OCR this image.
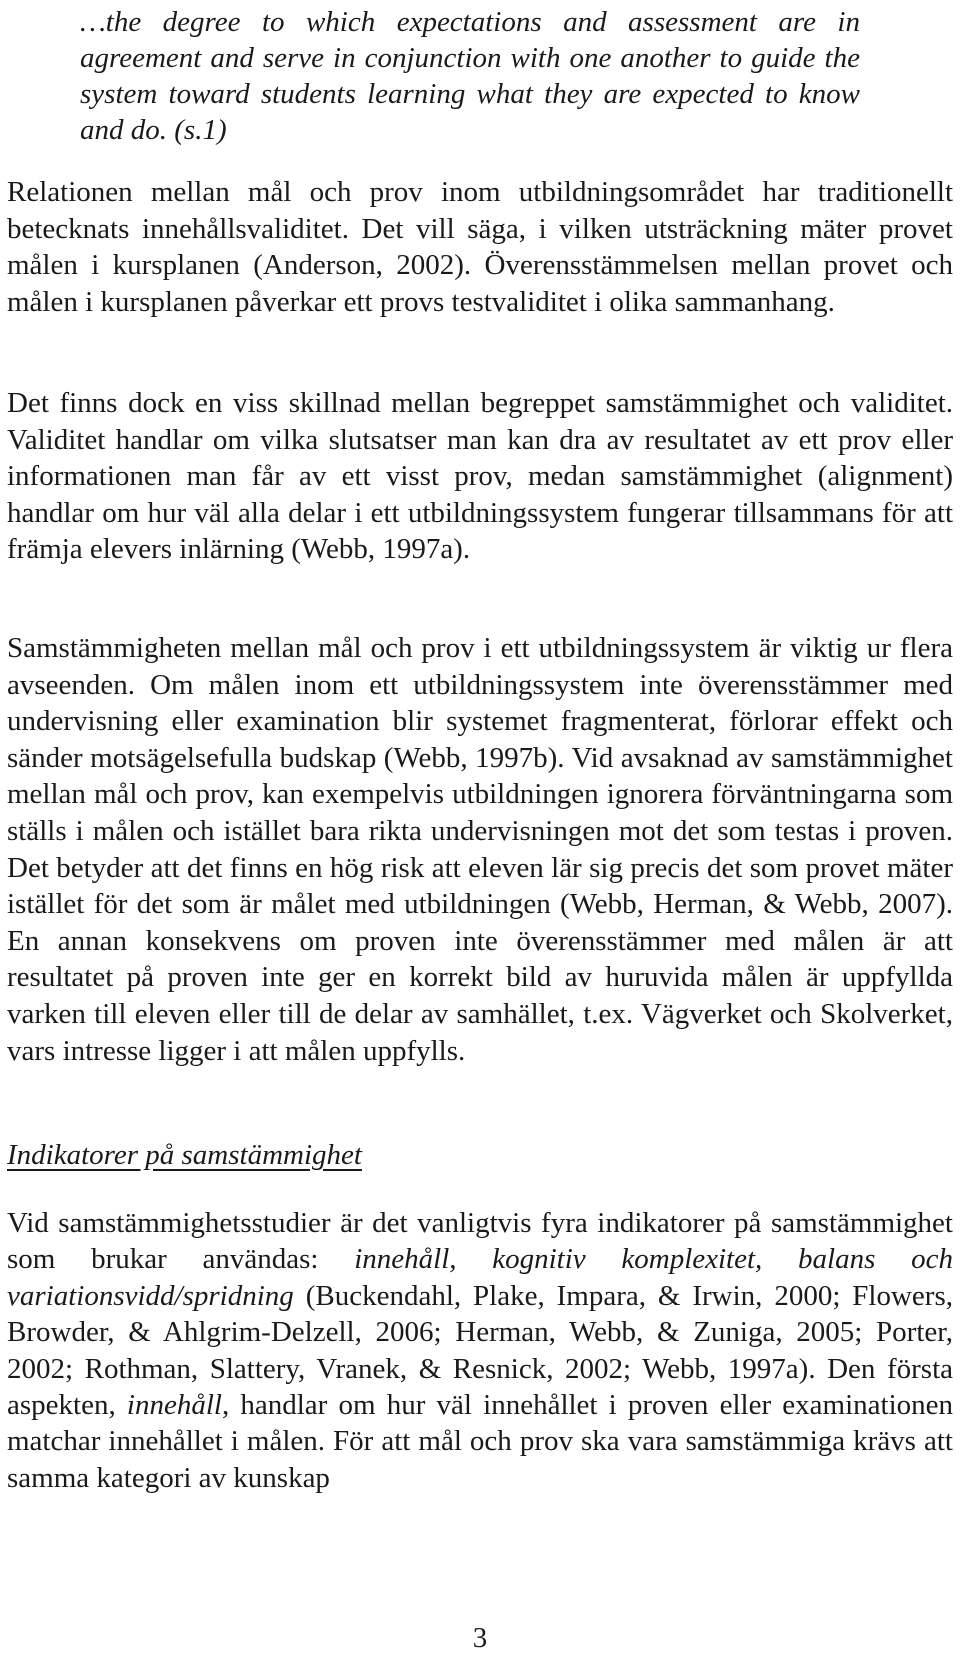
…the degree to which expectations and assessment are in agreement and serve in conjunction with one another to guide the system toward students learning what they are expected to know and do. (s.1)

Relationen mellan mål och prov inom utbildningsområdet har traditionellt betecknats innehållsvaliditet. Det vill säga, i vilken utsträckning mäter provet målen i kursplanen (Anderson, 2002). Överensstämmelsen mellan provet och målen i kursplanen påverkar ett provs testvaliditet i olika sammanhang.

Det finns dock en viss skillnad mellan begreppet samstämmighet och validitet. Validitet handlar om vilka slutsatser man kan dra av resultatet av ett prov eller informationen man får av ett visst prov, medan samstämmighet (alignment) handlar om hur väl alla delar i ett utbildningssystem fungerar tillsammans för att främja elevers inlärning (Webb, 1997a).

Samstämmigheten mellan mål och prov i ett utbildningssystem är viktig ur flera avseenden. Om målen inom ett utbildningssystem inte överensstämmer med undervisning eller examination blir systemet fragmenterat, förlorar effekt och sänder motsägelsefulla budskap (Webb, 1997b). Vid avsaknad av samstämmighet mellan mål och prov, kan exempelvis utbildningen ignorera förväntningarna som ställs i målen och istället bara rikta undervisningen mot det som testas i proven. Det betyder att det finns en hög risk att eleven lär sig precis det som provet mäter istället för det som är målet med utbildningen (Webb, Herman, & Webb, 2007). En annan konsekvens om proven inte överensstämmer med målen är att resultatet på proven inte ger en korrekt bild av huruvida målen är uppfyllda varken till eleven eller till de delar av samhället, t.ex. Vägverket och Skolverket, vars intresse ligger i att målen uppfylls.

Indikatorer på samstämmighet

Vid samstämmighetsstudier är det vanligtvis fyra indikatorer på samstämmighet som brukar användas: innehåll, kognitiv komplexitet, balans och variationsvidd/spridning (Buckendahl, Plake, Impara, & Irwin, 2000; Flowers, Browder, & Ahlgrim-Delzell, 2006; Herman, Webb, & Zuniga, 2005; Porter, 2002; Rothman, Slattery, Vranek, & Resnick, 2002; Webb, 1997a). Den första aspekten, innehåll, handlar om hur väl innehållet i proven eller examinationen matchar innehållet i målen. För att mål och prov ska vara samstämmiga krävs att samma kategori av kunskap

3
